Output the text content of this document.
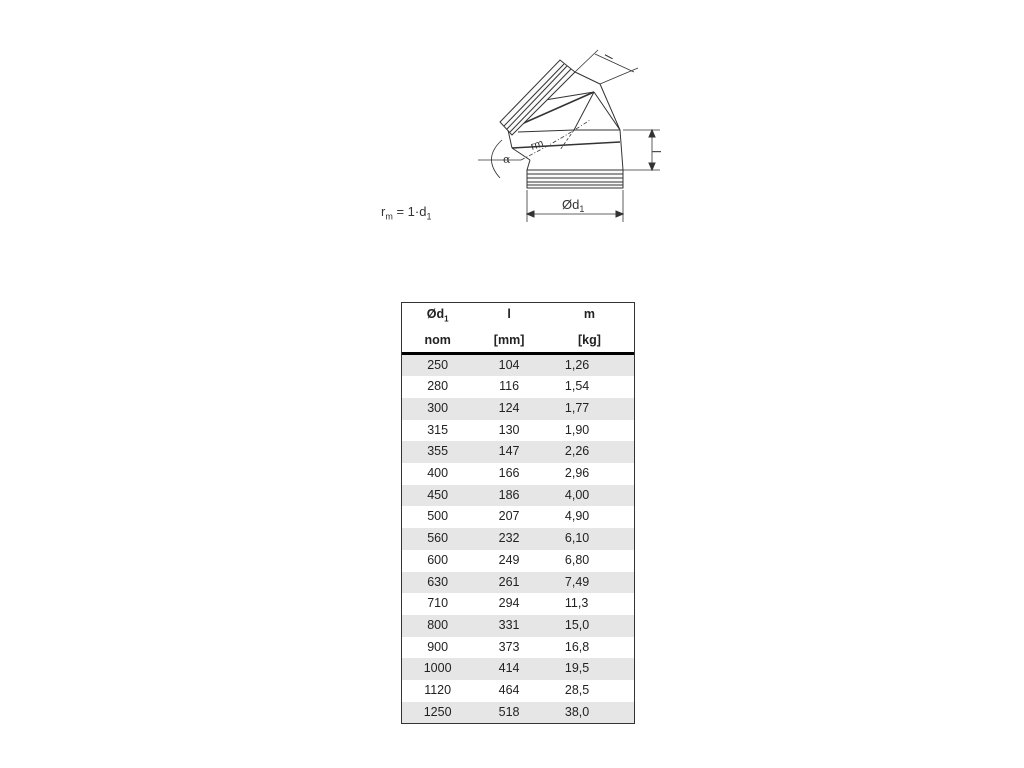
α
rm
l
l
$Ød_1$
$r_m = 1\cdot d_1$
$Ød_1$	l	m
nom	[mm]	[kg]
250	104	1,26
280	116	1,54
300	124	1,77
315	130	1,90
355	147	2,26
400	166	2,96
450	186	4,00
500	207	4,90
560	232	6,10
600	249	6,80
630	261	7,49
710	294	11,3
800	331	15,0
900	373	16,8
1000	414	19,5
1120	464	28,5
1250	518	38,0
